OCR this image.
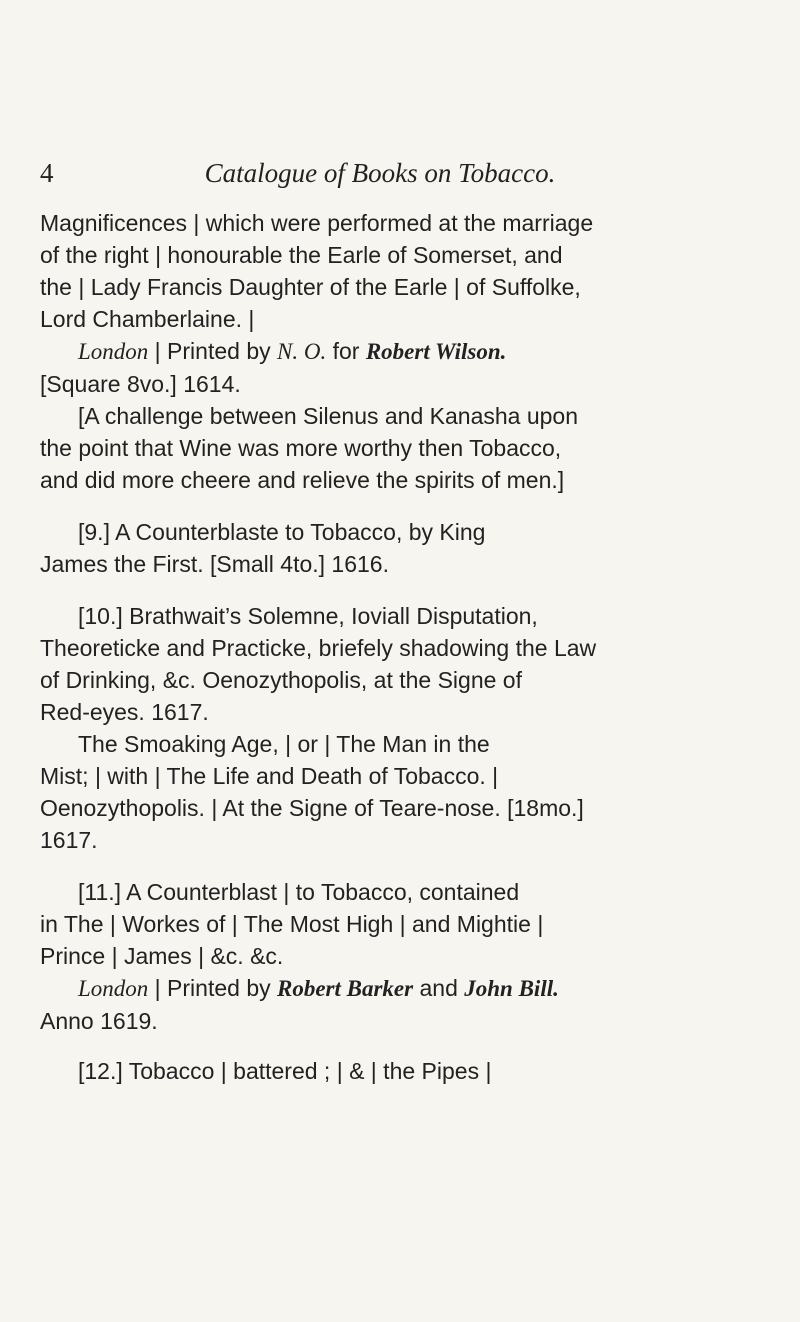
4	Catalogue of Books on Tobacco.
Magnificences | which were performed at the marriage
of the right | honourable the Earle of Somerset, and
the | Lady Francis Daughter of the Earle | of Suffolke,
Lord Chamberlaine. |
London | Printed by N. O. for Robert Wilson.
[Square 8vo.] 1614.
[A challenge between Silenus and Kanasha upon
the point that Wine was more worthy then Tobacco,
and did more cheere and relieve the spirits of men.]
[9.] A Counterblaste to Tobacco, by King
James the First. [Small 4to.] 1616.
[10.] Brathwait’s Solemne, Ioviall Disputation,
Theoreticke and Practicke, briefely shadowing the Law
of Drinking, &c. Oenozythopolis, at the Signe of
Red-eyes. 1617.
The Smoaking Age, | or | The Man in the
Mist; | with | The Life and Death of Tobacco. |
Oenozythopolis. | At the Signe of Teare-nose. [18mo.]
1617.
[11.] A Counterblast | to Tobacco, contained
in The | Workes of | The Most High | and Mightie |
Prince | James | &c. &c.
London | Printed by Robert Barker and John Bill.
Anno 1619.
[12.] Tobacco | battered ; | & | the Pipes |
